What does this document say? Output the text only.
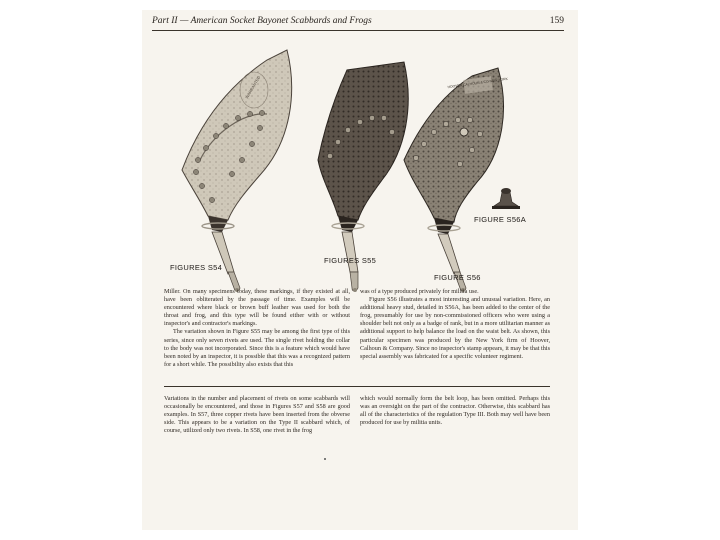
Part II — American Socket Bayonet Scabbards and Frogs	159
WARRANTED	HOOVER CALHOUN & CO NEW YORK
FIGURES S54
FIGURES S55
FIGURE S56
FIGURE S56A

Miller. On many specimens today, these markings, if they existed at all, have been obliterated by the passage of time. Examples will be encountered where black or brown buff leather was used for both the throat and frog, and this type will be found either with or without inspector's and contractor's markings.

The variation shown in Figure S55 may be among the first type of this series, since only seven rivets are used. The single rivet holding the collar to the body was not incorporated. Since this is a feature which would have been noted by an inspector, it is possible that this was a recognized pattern for a short while. The possibility also exists that this

was of a type produced privately for militia use.

Figure S56 illustrates a most interesting and unusual variation. Here, an additional heavy stud, detailed in S56A, has been added to the center of the frog, presumably for use by non-commissioned officers who were using a shoulder belt not only as a badge of rank, but in a more utilitarian manner as additional support to help balance the load on the waist belt. As shown, this particular specimen was produced by the New York firm of Hoover, Calhoun & Company. Since no inspector's stamp appears, it may be that this special assembly was fabricated for a specific volunteer regiment.

Variations in the number and placement of rivets on some scabbards will occasionally be encountered, and those in Figures S57 and S58 are good examples. In S57, three copper rivets have been inserted from the obverse side. This appears to be a variation on the Type II scabbard which, of course, utilized only two rivets. In S58, one rivet in the frog

which would normally form the belt loop, has been omitted. Perhaps this was an oversight on the part of the contractor. Otherwise, this scabbard has all of the characteristics of the regulation Type III. Both may well have been produced for use by militia units.
